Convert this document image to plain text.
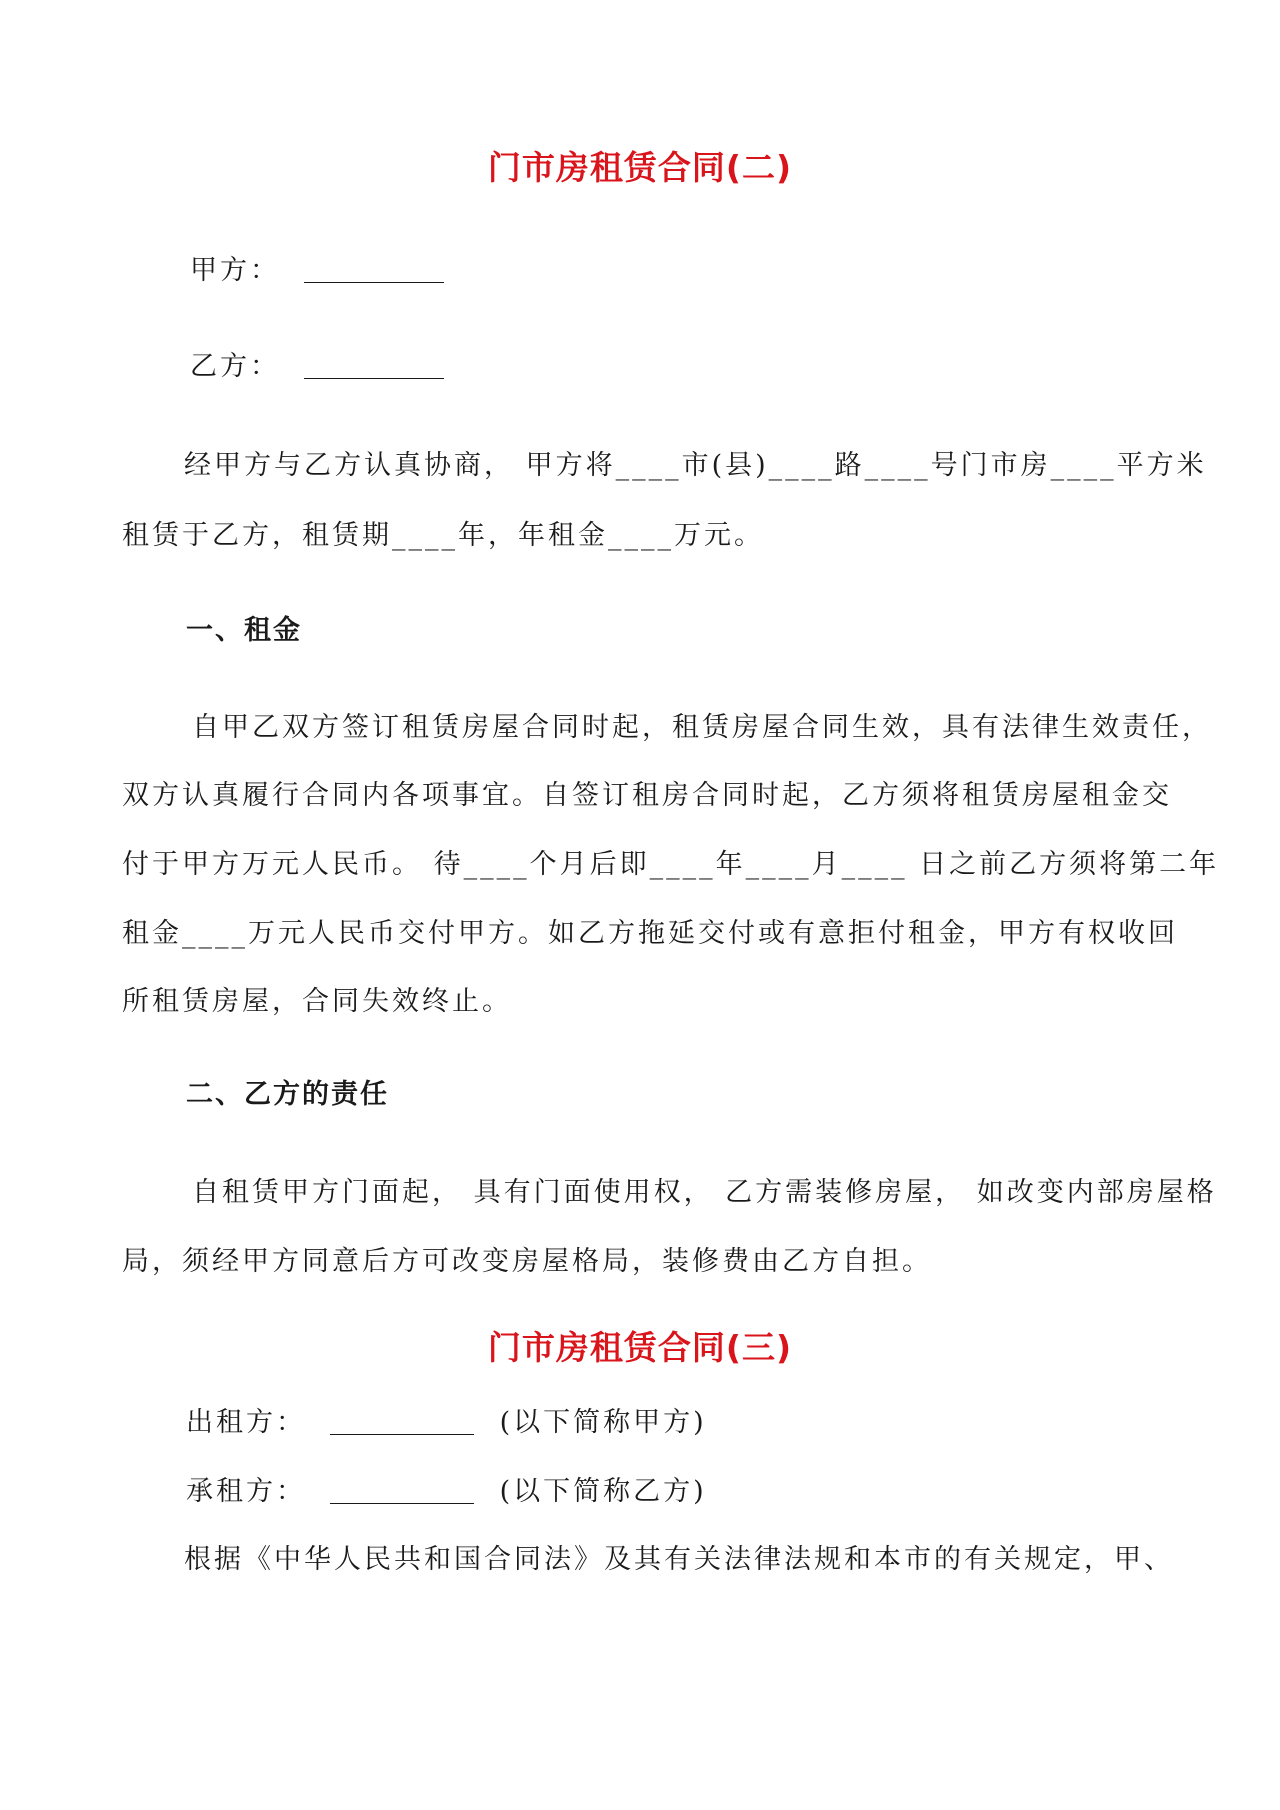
门市房租赁合同(二)
甲方：
乙方：
经甲方与乙方认真协商， 甲方将____市(县)____路____号门市房____平方米
租赁于乙方，租赁期____年，年租金____万元。
一、租金
自甲乙双方签订租赁房屋合同时起，租赁房屋合同生效，具有法律生效责任，
双方认真履行合同内各项事宜。自签订租房合同时起，乙方须将租赁房屋租金交
付于甲方万元人民币。 待____个月后即____年____月____ 日之前乙方须将第二年
租金____万元人民币交付甲方。如乙方拖延交付或有意拒付租金，甲方有权收回
所租赁房屋，合同失效终止。
二、乙方的责任
自租赁甲方门面起， 具有门面使用权， 乙方需装修房屋， 如改变内部房屋格
局，须经甲方同意后方可改变房屋格局，装修费由乙方自担。
门市房租赁合同(三)
出租方：	(以下简称甲方)
承租方：	(以下简称乙方)
根据《中华人民共和国合同法》及其有关法律法规和本市的有关规定，甲、
